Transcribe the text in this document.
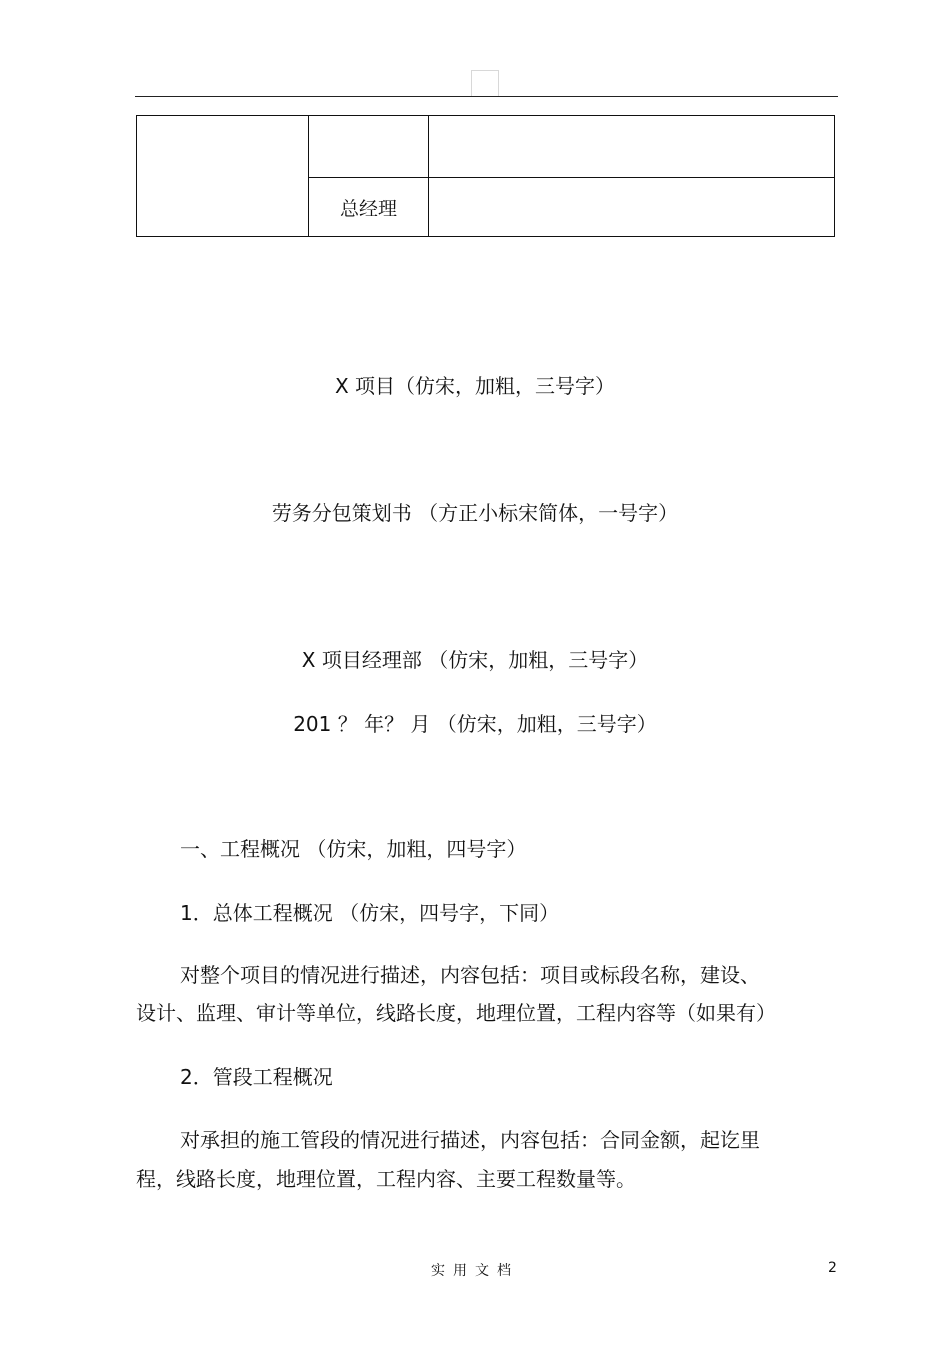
	总经理	
X 项目（仿宋，加粗，三号字）
劳务分包策划书 （方正小标宋简体，一号字）
X 项目经理部 （仿宋，加粗，三号字）
201 ？ 年？ 月 （仿宋，加粗，三号字）
一、工程概况 （仿宋，加粗，四号字）
1．总体工程概况 （仿宋，四号字，下同）
对整个项目的情况进行描述，内容包括：项目或标段名称，建设、
设计、监理、审计等单位，线路长度，地理位置，工程内容等（如果有）
2．管段工程概况
对承担的施工管段的情况进行描述，内容包括：合同金额，起讫里
程，线路长度，地理位置，工程内容、主要工程数量等。
实用文档	2
